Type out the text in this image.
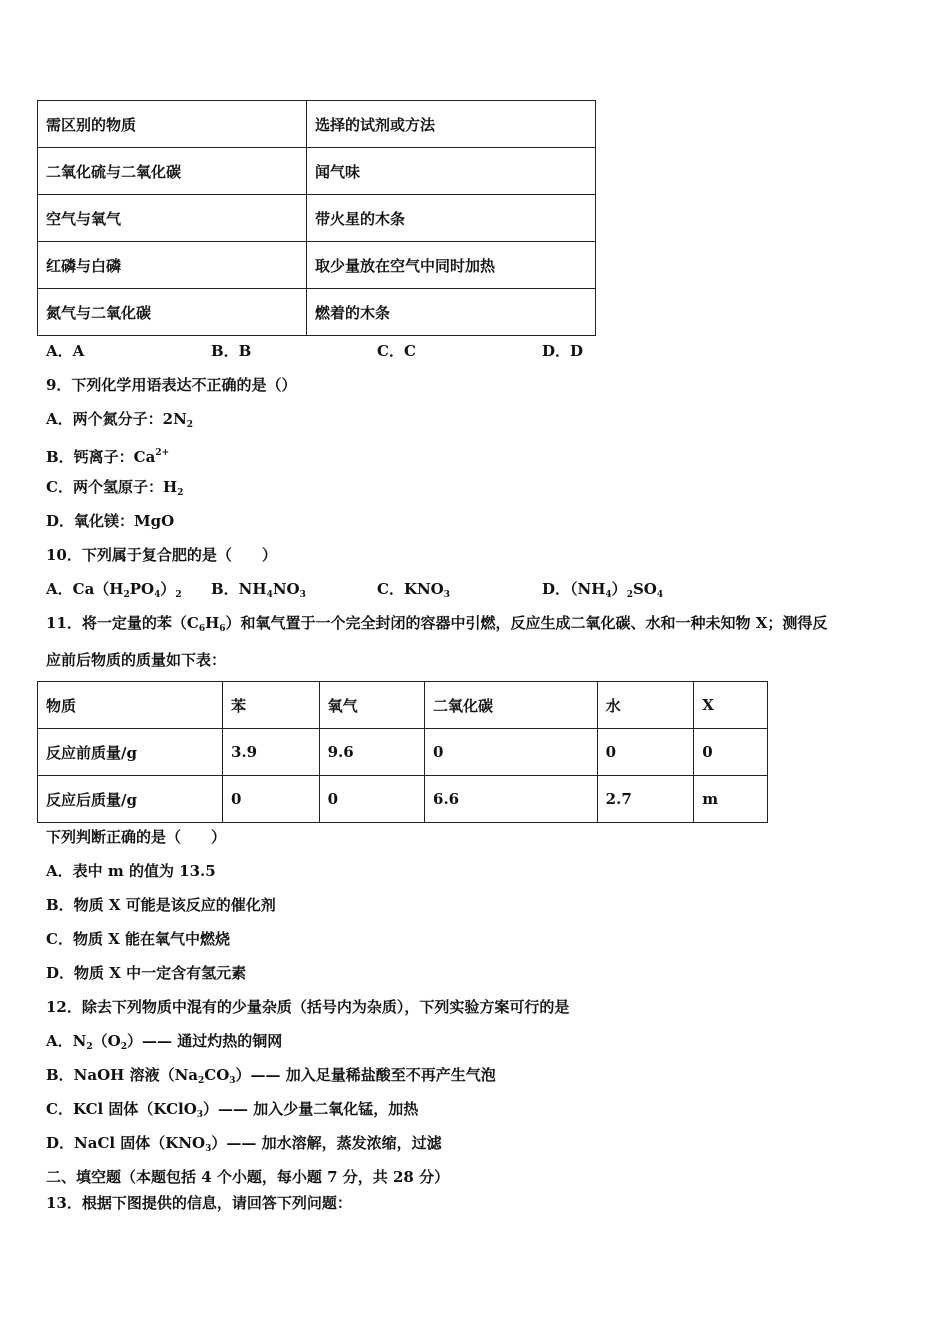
需区别的物质	选择的试剂或方法
二氧化硫与二氧化碳	闻气味
空气与氧气	带火星的木条
红磷与白磷	取少量放在空气中同时加热
氮气与二氧化碳	燃着的木条
A．A	B．B	C．C	D．D
9．下列化学用语表达不正确的是（）
A．两个氮分子：$2N_2$
B．钙离子：$Ca^{2+}$
C．两个氢原子：$H_2$
D．氧化镁：MgO
10．下列属于复合肥的是（　　）
A．$Ca(H_2PO_4)_2$ B．$NH_4NO_3$	C．$KNO_3$	D．$(NH_4)_2SO_4$
11．将一定量的苯$(C_6H_6)$和氧气置于一个完全封闭的容器中引燃，反应生成二氧化碳、水和一种未知物 X；测得反
应前后物质的质量如下表：
物质	苯	氧气	二氧化碳	水	X
反应前质量/g	3.9	9.6	0	0	0
反应后质量/g	0	0	6.6	2.7	m
下列判断正确的是（　　）
A．表中 m 的值为 13.5
B．物质 X 可能是该反应的催化剂
C．物质 X 能在氧气中燃烧
D．物质 X 中一定含有氢元素
12．除去下列物质中混有的少量杂质（括号内为杂质），下列实验方案可行的是
A．$N_2(O_2)——$ 通过灼热的铜网
B．NaOH 溶液$(Na_2CO_3)——$ 加入足量稀盐酸至不再产生气泡
C．KCl 固体（KClO$_3$）—— 加入少量二氧化锰，加热
D．NaCl 固体$(KNO_3)——$ 加水溶解，蒸发浓缩，过滤
二、填空题（本题包括 4 个小题，每小题 7 分，共 28 分）
13．根据下图提供的信息，请回答下列问题：
